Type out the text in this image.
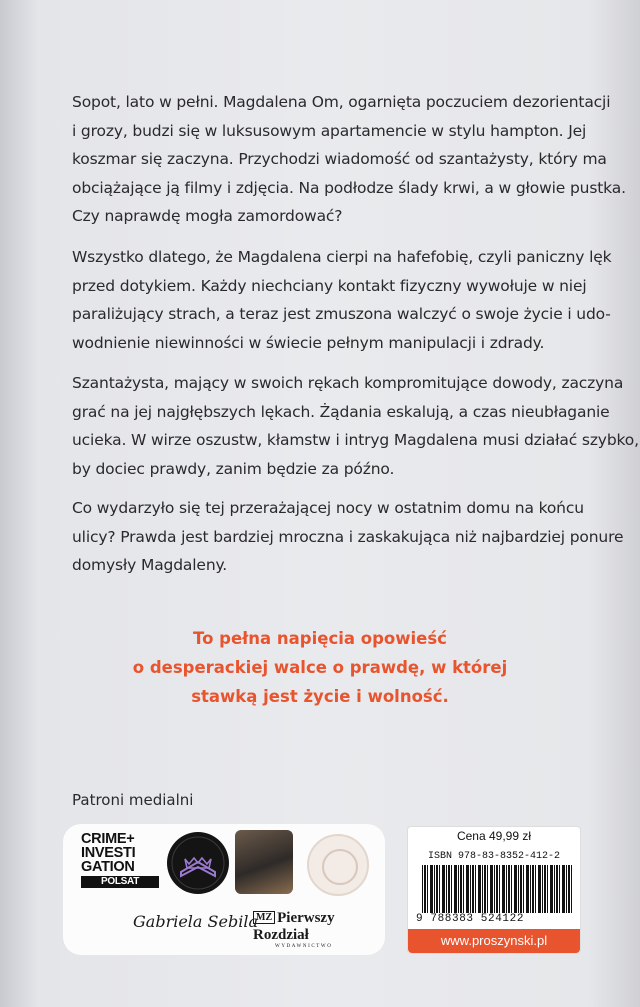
Sopot, lato w pełni. Magdalena Om, ogarnięta poczuciem dezorientacji
i grozy, budzi się w luksusowym apartamencie w stylu hampton. Jej
koszmar się zaczyna. Przychodzi wiadomość od szantażysty, który ma
obciążające ją filmy i zdjęcia. Na podłodze ślady krwi, a w głowie pustka.
Czy naprawdę mogła zamordować?
Wszystko dlatego, że Magdalena cierpi na hafefobię, czyli paniczny lęk
przed dotykiem. Każdy niechciany kontakt fizyczny wywołuje w niej
paraliżujący strach, a teraz jest zmuszona walczyć o swoje życie i udo-
wodnienie niewinności w świecie pełnym manipulacji i zdrady.
Szantażysta, mający w swoich rękach kompromitujące dowody, zaczyna
grać na jej najgłębszych lękach. Żądania eskalują, a czas nieubłaganie
ucieka. W wirze oszustw, kłamstw i intryg Magdalena musi działać szybko,
by dociec prawdy, zanim będzie za późno.
Co wydarzyło się tej przerażającej nocy w ostatnim domu na końcu
ulicy? Prawda jest bardziej mroczna i zaskakująca niż najbardziej ponure
domysły Magdaleny.
To pełna napięcia opowieść
o desperackiej walce o prawdę, w której
stawką jest życie i wolność.
Patroni medialni
CRIME+
INVESTI
GATION
POLSAT
Gabriela Sebila
MZ Pierwszy Rozdział
WYDAWNICTWO
Cena 49,99 zł
ISBN 978-83-8352-412-2
9 788383 524122
www.proszynski.pl
